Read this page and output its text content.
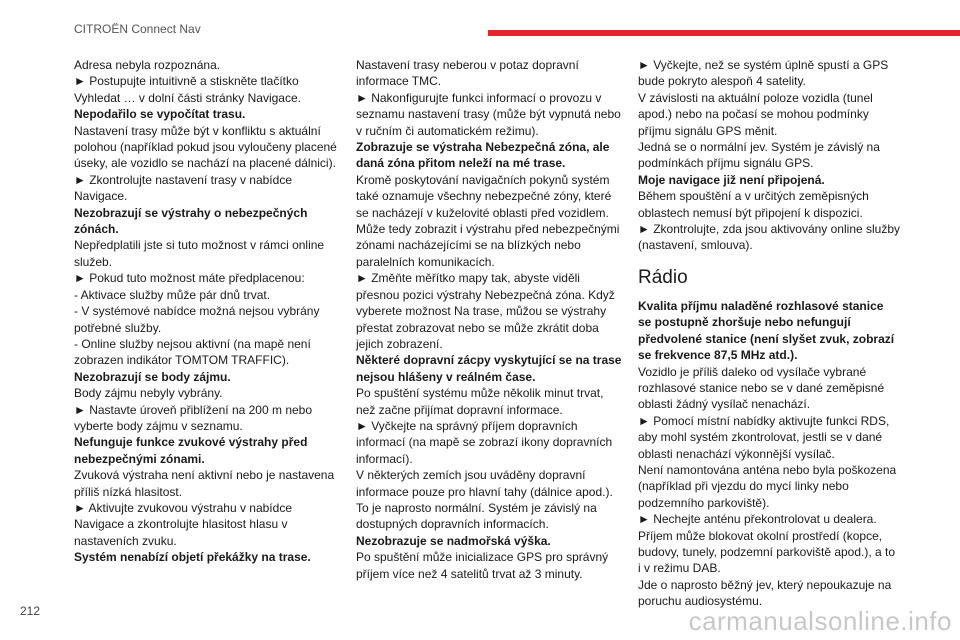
CITROËN Connect Nav

Adresa nebyla rozpoznána.
► Postupujte intuitivně a stiskněte tlačítko Vyhledat … v dolní části stránky Navigace.

Nepodařilo se vypočítat trasu.

Nastavení trasy může být v konfliktu s aktuální polohou (například pokud jsou vyloučeny placené úseky, ale vozidlo se nachází na placené dálnici).
► Zkontrolujte nastavení trasy v nabídce Navigace.

Nezobrazují se výstrahy o nebezpečných zónách.

Nepředplatili jste si tuto možnost v rámci online služeb.
► Pokud tuto možnost máte předplacenou:
- Aktivace služby může pár dnů trvat.
- V systémové nabídce možná nejsou vybrány potřebné služby.
- Online služby nejsou aktivní (na mapě není zobrazen indikátor TOMTOM TRAFFIC).

Nezobrazují se body zájmu.

Body zájmu nebyly vybrány.
► Nastavte úroveň přiblížení na 200 m nebo vyberte body zájmu v seznamu.

Nefunguje funkce zvukové výstrahy před nebezpečnými zónami.

Zvuková výstraha není aktivní nebo je nastavena příliš nízká hlasitost.
► Aktivujte zvukovou výstrahu v nabídce Navigace a zkontrolujte hlasitost hlasu v nastaveních zvuku.

Systém nenabízí objetí překážky na trase.

Nastavení trasy neberou v potaz dopravní informace TMC.
► Nakonfigurujte funkci informací o provozu v seznamu nastavení trasy (může být vypnutá nebo v ručním či automatickém režimu).

Zobrazuje se výstraha Nebezpečná zóna, ale daná zóna přitom neleží na mé trase.

Kromě poskytování navigačních pokynů systém také oznamuje všechny nebezpečné zóny, které se nacházejí v kuželovité oblasti před vozidlem. Může tedy zobrazit i výstrahu před nebezpečnými zónami nacházejícími se na blízkých nebo paralelních komunikacích.
► Změňte měřítko mapy tak, abyste viděli přesnou pozici výstrahy Nebezpečná zóna. Když vyberete možnost Na trase, můžou se výstrahy přestat zobrazovat nebo se může zkrátit doba jejich zobrazení.

Některé dopravní zácpy vyskytující se na trase nejsou hlášeny v reálném čase.

Po spuštění systému může několik minut trvat, než začne přijímat dopravní informace.
► Vyčkejte na správný příjem dopravních informací (na mapě se zobrazí ikony dopravních informací).
V některých zemích jsou uváděny dopravní informace pouze pro hlavní tahy (dálnice apod.). To je naprosto normální. Systém je závislý na dostupných dopravních informacích.

Nezobrazuje se nadmořská výška.

Po spuštění může inicializace GPS pro správný příjem více než 4 satelitů trvat až 3 minuty.

► Vyčkejte, než se systém úplně spustí a GPS bude pokryto alespoň 4 satelity.
V závislosti na aktuální poloze vozidla (tunel apod.) nebo na počasí se mohou podmínky příjmu signálu GPS měnit.
Jedná se o normální jev. Systém je závislý na podmínkách příjmu signálu GPS.

Moje navigace již není připojená.

Během spouštění a v určitých zeměpisných oblastech nemusí být připojení k dispozici.
► Zkontrolujte, zda jsou aktivovány online služby (nastavení, smlouva).

Rádio

Kvalita příjmu naladěné rozhlasové stanice se postupně zhoršuje nebo nefungují předvolené stanice (není slyšet zvuk, zobrazí se frekvence 87,5 MHz atd.).

Vozidlo je příliš daleko od vysílače vybrané rozhlasové stanice nebo se v dané zeměpisné oblasti žádný vysílač nenachází.
► Pomocí místní nabídky aktivujte funkci RDS, aby mohl systém zkontrolovat, jestli se v dané oblasti nenachází výkonnější vysílač.
Není namontována anténa nebo byla poškozena (například při vjezdu do mycí linky nebo podzemního parkoviště).
► Nechejte anténu překontrolovat u dealera.
Příjem může blokovat okolní prostředí (kopce, budovy, tunely, podzemní parkoviště apod.), a to i v režimu DAB.
Jde o naprosto běžný jev, který nepoukazuje na poruchu audiosystému.

212	carmanualsonline.info
